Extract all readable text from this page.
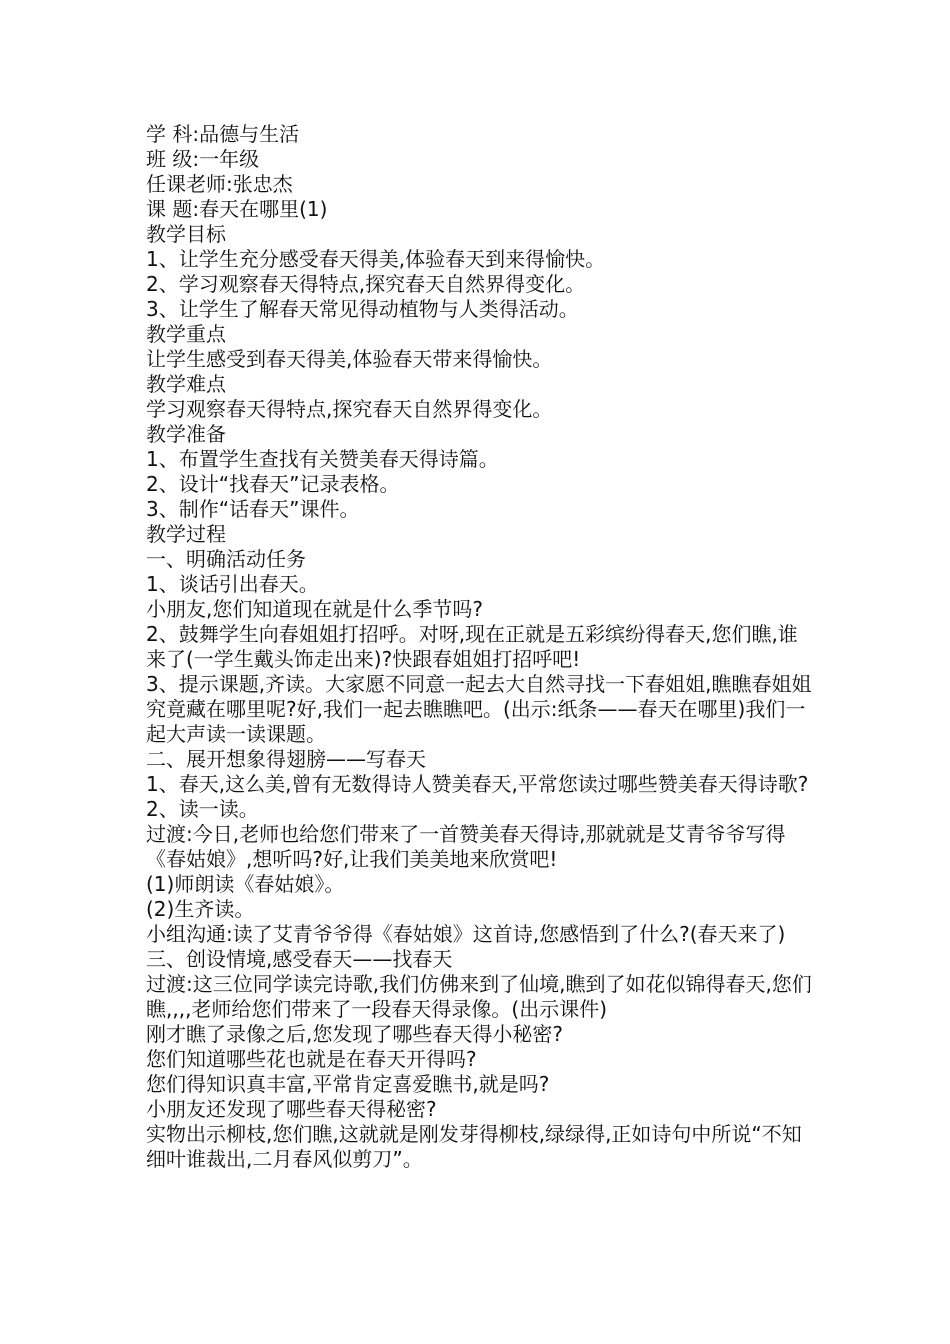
学 科:品德与生活
班 级:一年级
任课老师:张忠杰
课 题:春天在哪里(1)
教学目标
1、让学生充分感受春天得美,体验春天到来得愉快。
2、学习观察春天得特点,探究春天自然界得变化。
3、让学生了解春天常见得动植物与人类得活动。
教学重点
让学生感受到春天得美,体验春天带来得愉快。
教学难点
学习观察春天得特点,探究春天自然界得变化。
教学准备
1、布置学生查找有关赞美春天得诗篇。
2、设计“找春天”记录表格。
3、制作“话春天”课件。
教学过程
一、明确活动任务
1、谈话引出春天。
小朋友,您们知道现在就是什么季节吗?
2、鼓舞学生向春姐姐打招呼。对呀,现在正就是五彩缤纷得春天,您们瞧,谁来了(一学生戴头饰走出来)?快跟春姐姐打招呼吧!
3、提示课题,齐读。大家愿不同意一起去大自然寻找一下春姐姐,瞧瞧春姐姐究竟藏在哪里呢?好,我们一起去瞧瞧吧。(出示:纸条——春天在哪里)我们一起大声读一读课题。
二、展开想象得翅膀——写春天
1、春天,这么美,曾有无数得诗人赞美春天,平常您读过哪些赞美春天得诗歌?
2、读一读。
过渡:今日,老师也给您们带来了一首赞美春天得诗,那就就是艾青爷爷写得《春姑娘》,想听吗?好,让我们美美地来欣赏吧!
(1)师朗读《春姑娘》。
(2)生齐读。
小组沟通:读了艾青爷爷得《春姑娘》这首诗,您感悟到了什么?(春天来了)
三、创设情境,感受春天——找春天
过渡:这三位同学读完诗歌,我们仿佛来到了仙境,瞧到了如花似锦得春天,您们瞧,,,,老师给您们带来了一段春天得录像。(出示课件)
刚才瞧了录像之后,您发现了哪些春天得小秘密?
您们知道哪些花也就是在春天开得吗?
您们得知识真丰富,平常肯定喜爱瞧书,就是吗?
小朋友还发现了哪些春天得秘密?
实物出示柳枝,您们瞧,这就就是刚发芽得柳枝,绿绿得,正如诗句中所说“不知细叶谁裁出,二月春风似剪刀”。
